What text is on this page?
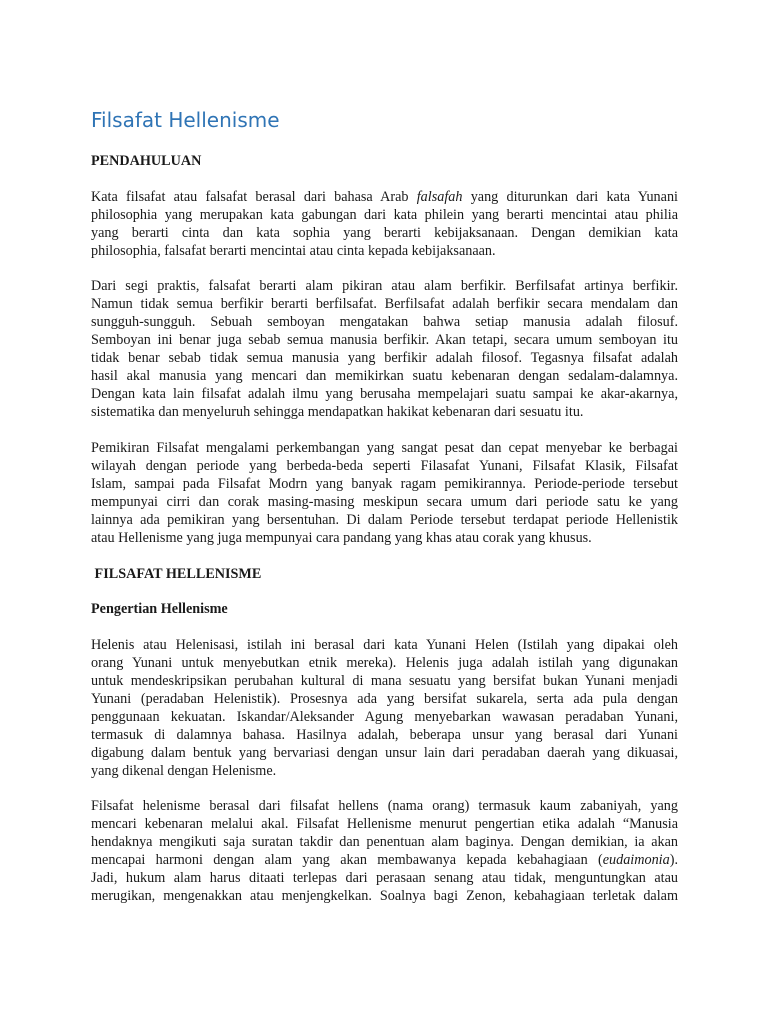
Filsafat Hellenisme
PENDAHULUAN

Kata filsafat atau falsafat berasal dari bahasa Arab falsafah yang diturunkan dari kata Yunani
philosophia yang merupakan kata gabungan dari kata philein yang berarti mencintai atau philia
yang berarti cinta dan kata sophia yang berarti kebijaksanaan. Dengan demikian kata
philosophia, falsafat berarti mencintai atau cinta kepada kebijaksanaan.

Dari segi praktis, falsafat berarti alam pikiran atau alam berfikir. Berfilsafat artinya berfikir.
Namun tidak semua berfikir berarti berfilsafat. Berfilsafat adalah berfikir secara mendalam dan
sungguh-sungguh. Sebuah semboyan mengatakan bahwa setiap manusia adalah filosuf.
Semboyan ini benar juga sebab semua manusia berfikir. Akan tetapi, secara umum semboyan itu
tidak benar sebab tidak semua manusia yang berfikir adalah filosof. Tegasnya filsafat adalah
hasil akal manusia yang mencari dan memikirkan suatu kebenaran dengan sedalam-dalamnya.
Dengan kata lain filsafat adalah ilmu yang berusaha mempelajari suatu sampai ke akar-akarnya,
sistematika dan menyeluruh sehingga mendapatkan hakikat kebenaran dari sesuatu itu.

Pemikiran Filsafat mengalami perkembangan yang sangat pesat dan cepat menyebar ke berbagai
wilayah dengan periode yang berbeda-beda seperti Filasafat Yunani, Filsafat Klasik, Filsafat
Islam, sampai pada Filsafat Modrn yang banyak ragam pemikirannya. Periode-periode tersebut
mempunyai cirri dan corak masing-masing meskipun secara umum dari periode satu ke yang
lainnya ada pemikiran yang bersentuhan. Di dalam Periode tersebut terdapat periode Hellenistik
atau Hellenisme yang juga mempunyai cara pandang yang khas atau corak yang khusus.

FILSAFAT HELLENISME
Pengertian Hellenisme

Helenis atau Helenisasi, istilah ini berasal dari kata Yunani Helen (Istilah yang dipakai oleh
orang Yunani untuk menyebutkan etnik mereka). Helenis juga adalah istilah yang digunakan
untuk mendeskripsikan perubahan kultural di mana sesuatu yang bersifat bukan Yunani menjadi
Yunani (peradaban Helenistik). Prosesnya ada yang bersifat sukarela, serta ada pula dengan
penggunaan kekuatan. Iskandar/Aleksander Agung menyebarkan wawasan peradaban Yunani,
termasuk di dalamnya bahasa. Hasilnya adalah, beberapa unsur yang berasal dari Yunani
digabung dalam bentuk yang bervariasi dengan unsur lain dari peradaban daerah yang dikuasai,
yang dikenal dengan Helenisme.

Filsafat helenisme berasal dari filsafat hellens (nama orang) termasuk kaum zabaniyah, yang
mencari kebenaran melalui akal. Filsafat Hellenisme menurut pengertian etika adalah “Manusia
hendaknya mengikuti saja suratan takdir dan penentuan alam baginya. Dengan demikian, ia akan
mencapai harmoni dengan alam yang akan membawanya kepada kebahagiaan (eudaimonia).
Jadi, hukum alam harus ditaati terlepas dari perasaan senang atau tidak, menguntungkan atau
merugikan, mengenakkan atau menjengkelkan. Soalnya bagi Zenon, kebahagiaan terletak dalam
